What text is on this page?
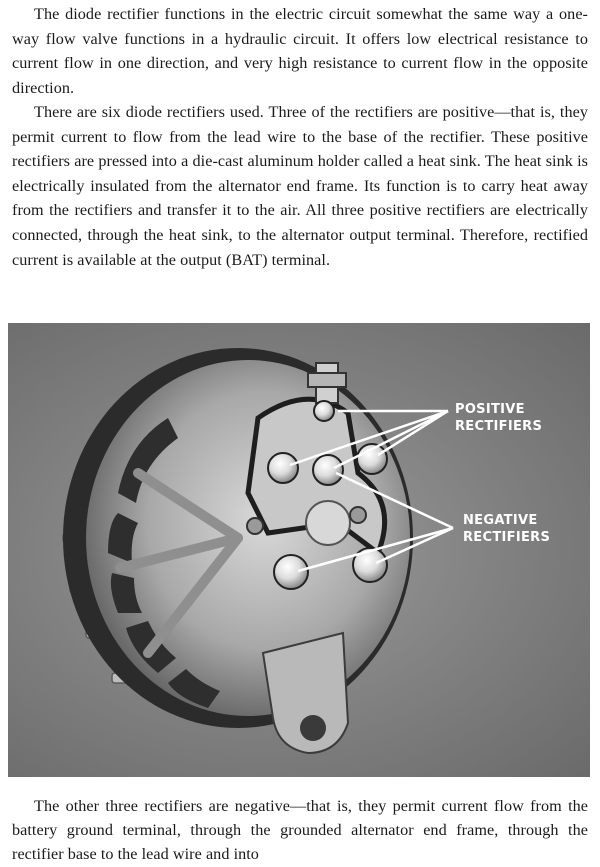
The diode rectifier functions in the electric circuit somewhat the same way a one-way flow valve functions in a hydraulic circuit. It offers low electrical resistance to current flow in one direction, and very high resistance to current flow in the opposite direction.

There are six diode rectifiers used. Three of the rectifiers are positive—that is, they permit current to flow from the lead wire to the base of the rectifier. These positive rectifiers are pressed into a die-cast aluminum holder called a heat sink. The heat sink is electrically insulated from the alternator end frame. Its function is to carry heat away from the rectifiers and transfer it to the air. All three positive rectifiers are electrically connected, through the heat sink, to the alternator output terminal. Therefore, rectified current is available at the output (BAT) terminal.

POSITIVE
RECTIFIERS
NEGATIVE
RECTIFIERS

The other three rectifiers are negative—that is, they permit current flow from the battery ground terminal, through the grounded alternator end frame, through the rectifier base to the lead wire and into
